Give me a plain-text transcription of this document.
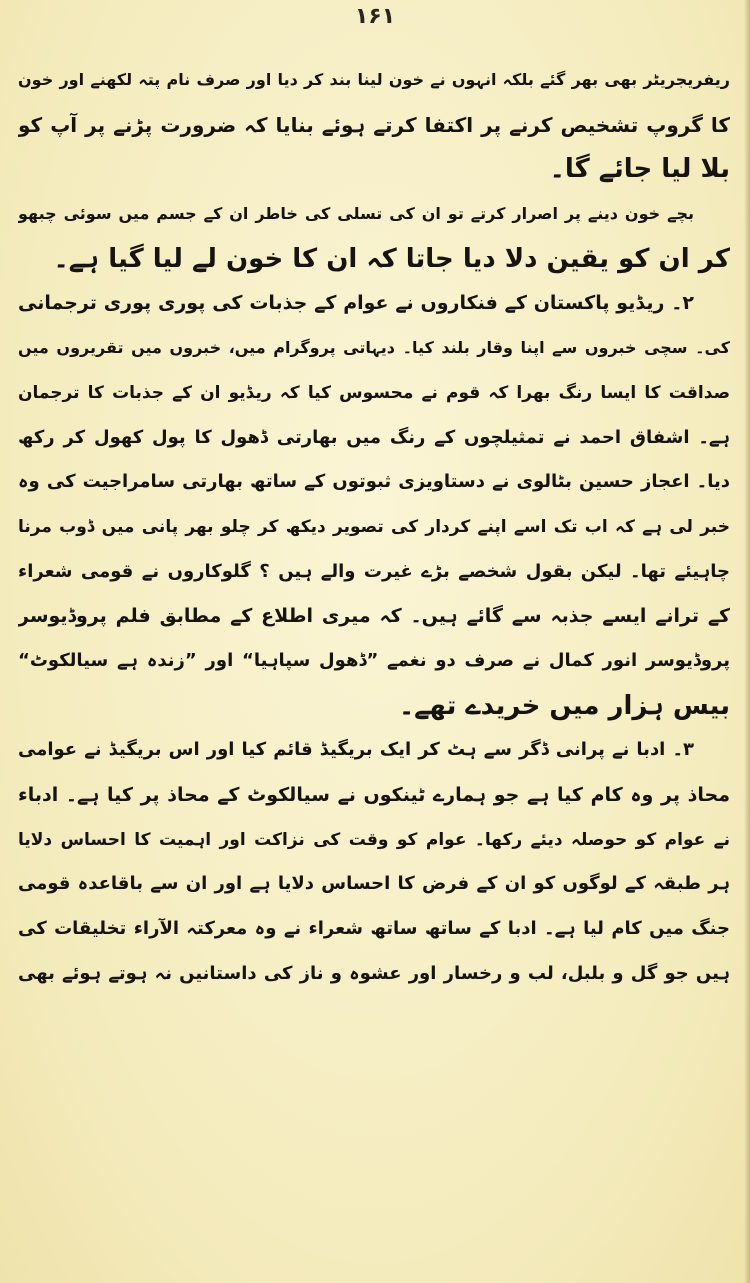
۱۶۱
ریفریجریٹر بھی بھر گئے بلکہ انہوں نے خون لینا بند کر دیا اور صرف نام پتہ لکھنے اور خون
کا گروپ تشخیص کرنے پر اکتفا کرتے ہوئے بنایا کہ ضرورت پڑنے پر آپ کو
بلا لیا جائے گا۔
بچے خون دینے پر اصرار کرتے تو ان کی تسلی کی خاطر ان کے جسم میں سوئی چبھو
کر ان کو یقین دلا دیا جاتا کہ ان کا خون لے لیا گیا ہے۔
۲۔ ریڈیو پاکستان کے فنکاروں نے عوام کے جذبات کی پوری پوری ترجمانی
کی۔ سچی خبروں سے اپنا وقار بلند کیا۔ دیہاتی پروگرام میں، خبروں میں تقریروں میں
صداقت کا ایسا رنگ بھرا کہ قوم نے محسوس کیا کہ ریڈیو ان کے جذبات کا ترجمان
ہے۔ اشفاق احمد نے تمثیلچوں کے رنگ میں بھارتی ڈھول کا پول کھول کر رکھ
دیا۔ اعجاز حسین بٹالوی نے دستاویزی ثبوتوں کے ساتھ بھارتی سامراجیت کی وہ
خبر لی ہے کہ اب تک اسے اپنے کردار کی تصویر دیکھ کر چلو بھر پانی میں ڈوب مرنا
چاہیئے تھا۔ لیکن بقول شخصے بڑے غیرت والے ہیں ؟ گلوکاروں نے قومی شعراء
کے ترانے ایسے جذبہ سے گائے ہیں۔ کہ میری اطلاع کے مطابق فلم پروڈیوسر
پروڈیوسر انور کمال نے صرف دو نغمے ”ڈھول سپاہیا“ اور ”زندہ ہے سیالکوٹ“
بیس ہزار میں خریدے تھے۔
۳۔ ادبا نے پرانی ڈگر سے ہٹ کر ایک بریگیڈ قائم کیا اور اس بریگیڈ نے عوامی
محاذ پر وہ کام کیا ہے جو ہمارے ٹینکوں نے سیالکوٹ کے محاذ پر کیا ہے۔ ادباء
نے عوام کو حوصلہ دیئے رکھا۔ عوام کو وقت کی نزاکت اور اہمیت کا احساس دلایا
ہر طبقہ کے لوگوں کو ان کے فرض کا احساس دلایا ہے اور ان سے باقاعدہ قومی
جنگ میں کام لیا ہے۔ ادبا کے ساتھ ساتھ شعراء نے وہ معرکتہ الآراء تخلیقات کی
ہیں جو گل و بلبل، لب و رخسار اور عشوہ و ناز کی داستانیں نہ ہوتے ہوئے بھی
